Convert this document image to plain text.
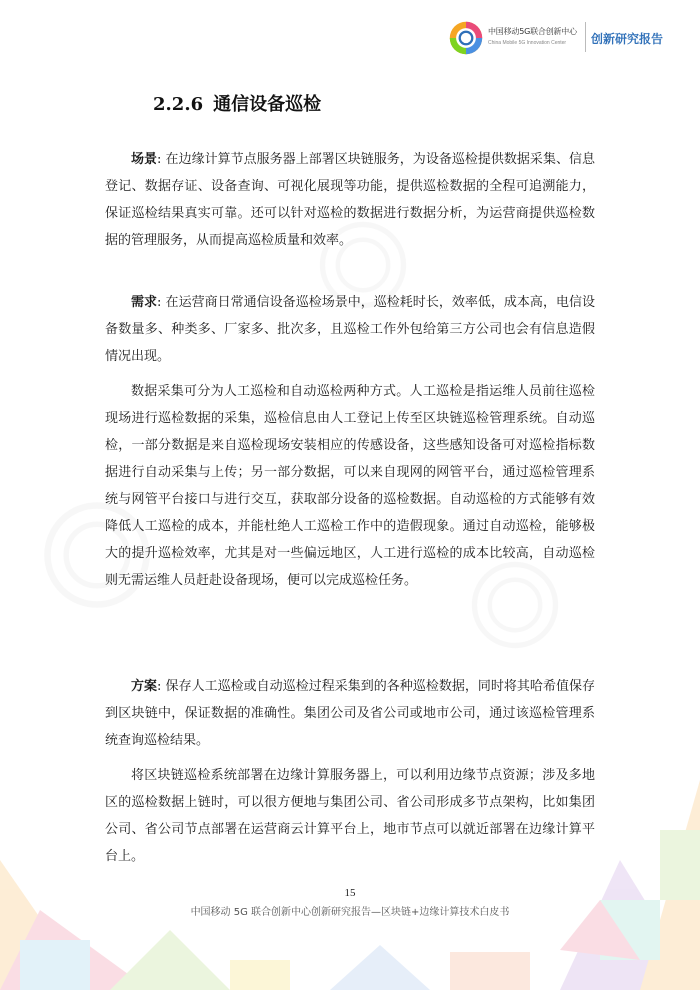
中国移动5G联合创新中心
China Mobile 5G Innovation Center 创新研究报告
2.2.6 通信设备巡检

场景: 在边缘计算节点服务器上部署区块链服务，为设备巡检提供数据采集、信息登记、数据存证、设备查询、可视化展现等功能，提供巡检数据的全程可追溯能力，保证巡检结果真实可靠。还可以针对巡检的数据进行数据分析，为运营商提供巡检数据的管理服务，从而提高巡检质量和效率。

需求: 在运营商日常通信设备巡检场景中，巡检耗时长，效率低，成本高，电信设备数量多、种类多、厂家多、批次多，且巡检工作外包给第三方公司也会有信息造假情况出现。

数据采集可分为人工巡检和自动巡检两种方式。人工巡检是指运维人员前往巡检现场进行巡检数据的采集，巡检信息由人工登记上传至区块链巡检管理系统。自动巡检，一部分数据是来自巡检现场安装相应的传感设备，这些感知设备可对巡检指标数据进行自动采集与上传；另一部分数据，可以来自现网的网管平台，通过巡检管理系统与网管平台接口与进行交互，获取部分设备的巡检数据。自动巡检的方式能够有效降低人工巡检的成本，并能杜绝人工巡检工作中的造假现象。通过自动巡检，能够极大的提升巡检效率，尤其是对一些偏远地区，人工进行巡检的成本比较高，自动巡检则无需运维人员赶赴设备现场，便可以完成巡检任务。

方案: 保存人工巡检或自动巡检过程采集到的各种巡检数据，同时将其哈希值保存到区块链中，保证数据的准确性。集团公司及省公司或地市公司，通过该巡检管理系统查询巡检结果。

将区块链巡检系统部署在边缘计算服务器上，可以利用边缘节点资源；涉及多地区的巡检数据上链时，可以很方便地与集团公司、省公司形成多节点架构，比如集团公司、省公司节点部署在运营商云计算平台上，地市节点可以就近部署在边缘计算平台上。

15
中国移动 5G 联合创新中心创新研究报告—区块链+边缘计算技术白皮书
